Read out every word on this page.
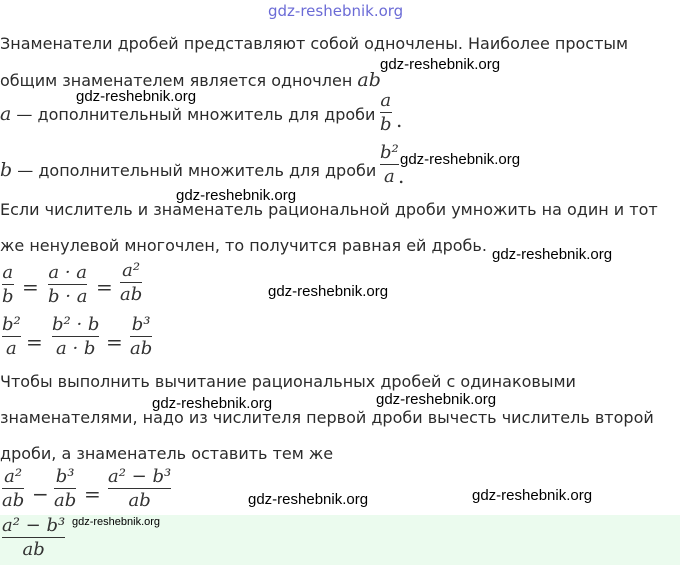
gdz-reshebnik.org

Знаменатели дробей представляют собой одночлены. Наиболее простым

общим знаменателем является одночлен ab

gdz-reshebnik.org

a — дополнительный множитель для дроби

a
b .
gdz-reshebnik.org

b — дополнительный множитель для дроби

b²
a .
gdz-reshebnik.org
gdz-reshebnik.org

Если числитель и знаменатель рациональной дроби умножить на один и тот

же ненулевой многочлен, то получится равная ей дробь. gdz-reshebnik.org
a
b =
a · a
b · a =
a²
ab	gdz-reshebnik.org
b²
a =
b² · b
a · b =
b³
ab

Чтобы выполнить вычитание рациональных дробей с одинаковыми

gdz-reshebnik.org	gdz-reshebnik.org

знаменателями, надо из числителя первой дроби вычесть числитель второй

дроби, а знаменатель оставить тем же

a²
ab −
b³
ab =
a² − b³
ab	gdz-reshebnik.org	gdz-reshebnik.org
a² − b³
ab
gdz-reshebnik.org
